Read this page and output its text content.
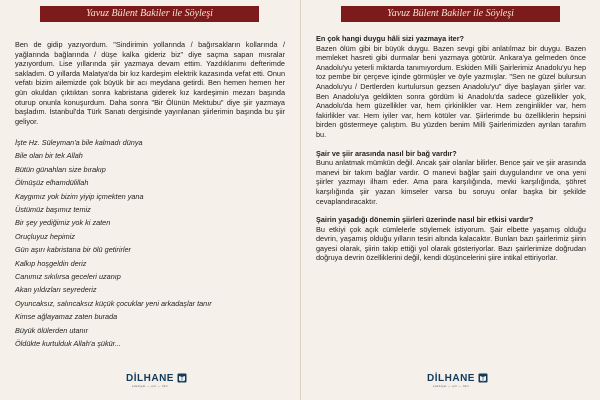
Yavuz Bülent Bakiler ile Söyleşi

Ben de gidip yazıyordum. "Sindirimin yollarında / bağırsakların kollarında / yağlarında bağlarında / düşe kalka gideriz biz" diye saçma sapan mısralar yazıyordum. Lise yıllarında şiir yazmaya devam ettim. Yazdıklarımı defterimde sakladım. O yıllarda Malatya'da bir kız kardeşim elektrik kazasında vefat etti. Onun vefatı bizim ailemizde çok büyük bir acı meydana getirdi. Ben hemen hemen her gün okuldan çıktıktan sonra kabristana giderek kız kardeşimin mezarı başında oturup onunla konuşurdum. Daha sonra "Bir Ölünün Mektubu" diye şiir yazmaya başladım. İstanbul'da Türk Sanatı dergisinde yayınlanan şiirlerimin başında bu şiir geliyor.

İşte Hz. Süleyman'a bile kalmadı dünya
Bile olan bir tek Allah
Bütün günahları size bırakıp
Ölmüşüz elhamdülillah
Kaygımız yok bizim yiyip içmekten yana
Üstümüz başımız temiz
Bir şey yediğimiz yok ki zaten
Oruçluyuz hepimiz
Gün aşırı kabristana bir ölü getirirler
Kalkıp hoşgeldin deriz
Canımız sıkılırsa geceleri uzanıp
Akan yıldızları seyrederiz
Oyuncaksız, salıncaksız küçük çocuklar yeni arkadaşlar tanır
Kimse ağlayamaz zaten burada
Büyük ölülerden utanır
Öldükte kurtulduk Allah'a şükür...
DİLHANE
edebiyat — şiir — fikir
Yavuz Bülent Bakiler ile Söyleşi
En çok hangi duygu hâli sizi yazmaya iter?

Bazen ölüm gibi bir büyük duygu. Bazen sevgi gibi anlatılmaz bir duygu. Bazen memleket hasreti gibi durmalar beni yazmaya götürür. Ankara'ya gelmeden önce Anadolu'yu yeterli miktarda tanımıyordum. Eskiden Milli Şairlerimiz Anadolu'yu hep toz pembe bir çerçeve içinde görmüşler ve öyle yazmışlar. "Sen ne güzel bulursun Anadolu'yu / Dertlerden kurtulursun gezsen Anadolu'yu" diye başlayan şiirler var. Ben Anadolu'ya geldikten sonra gördüm ki Anadolu'da sadece güzellikler yok, Anadolu'da hem güzellikler var, hem çirkinlikler var. Hem zenginlikler var, hem fakirlikler var. Hem iyiler var, hem kötüler var. Şiirlerimde bu özelliklerin hepsini birden göstermeye çalıştım. Bu yüzden benim Milli Şairlerimizden ayrılan tarafım bu.

Şair ve şiir arasında nasıl bir bağ vardır?

Bunu anlatmak mümkün değil. Ancak şair olanlar bilirler. Bence şair ve şiir arasında manevi bir takım bağlar vardır. O manevi bağlar şairi duygulandırır ve ona yeni şiirler yazmayı ilham eder. Ama para karşılığında, mevki karşılığında, şöhret karşılığında şiir yazan kimseler varsa bu soruyu onlar başka bir şekilde cevaplandıracaktır.

Şairin yaşadığı dönemin şiirleri üzerinde nasıl bir etkisi vardır?

Bu etkiyi çok açık cümlelerle söylemek istiyorum. Şair elbette yaşamış olduğu devrin, yaşamış olduğu yılların tesiri altında kalacaktır. Bunları bazı şairlerimiz şiirin gayesi olarak, şiirin takip ettiği yol olarak gösteriyorlar. Bazı şairlerimize doğrudan doğruya devrin özelliklerini değil, kendi düşüncelerini şiire intikal ettiriyorlar.

DİLHANE
edebiyat — şiir — fikir
